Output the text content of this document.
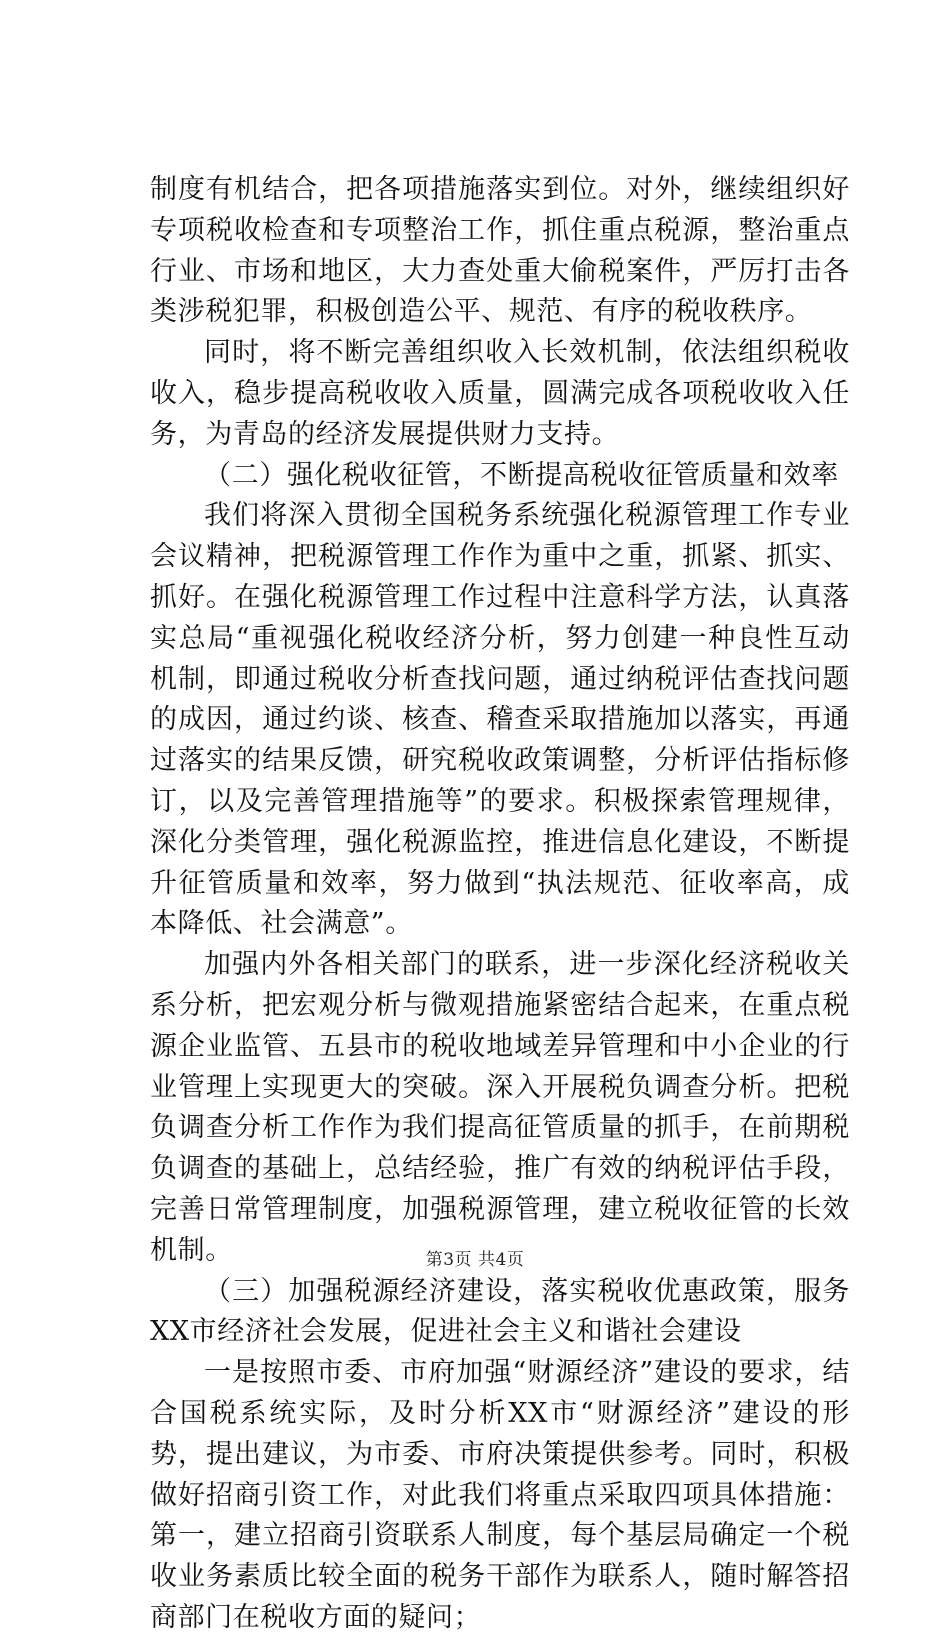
制度有机结合，把各项措施落实到位。对外，继续组织好专项税收检查和专项整治工作，抓住重点税源，整治重点行业、市场和地区，大力查处重大偷税案件，严厉打击各类涉税犯罪，积极创造公平、规范、有序的税收秩序。

同时，将不断完善组织收入长效机制，依法组织税收收入，稳步提高税收收入质量，圆满完成各项税收收入任务，为青岛的经济发展提供财力支持。

（二）强化税收征管，不断提高税收征管质量和效率

我们将深入贯彻全国税务系统强化税源管理工作专业会议精神，把税源管理工作作为重中之重，抓紧、抓实、抓好。在强化税源管理工作过程中注意科学方法，认真落实总局“重视强化税收经济分析，努力创建一种良性互动机制，即通过税收分析查找问题，通过纳税评估查找问题的成因，通过约谈、核查、稽查采取措施加以落实，再通过落实的结果反馈，研究税收政策调整，分析评估指标修订，以及完善管理措施等”的要求。积极探索管理规律，深化分类管理，强化税源监控，推进信息化建设，不断提升征管质量和效率，努力做到“执法规范、征收率高，成本降低、社会满意”。

加强内外各相关部门的联系，进一步深化经济税收关系分析，把宏观分析与微观措施紧密结合起来，在重点税源企业监管、五县市的税收地域差异管理和中小企业的行业管理上实现更大的突破。深入开展税负调查分析。把税负调查分析工作作为我们提高征管质量的抓手，在前期税负调查的基础上，总结经验，推广有效的纳税评估手段，完善日常管理制度，加强税源管理，建立税收征管的长效机制。

（三）加强税源经济建设，落实税收优惠政策，服务XX市经济社会发展，促进社会主义和谐社会建设

一是按照市委、市府加强“财源经济”建设的要求，结合国税系统实际，及时分析XX市“财源经济”建设的形势，提出建议，为市委、市府决策提供参考。同时，积极做好招商引资工作，对此我们将重点采取四项具体措施：第一，建立招商引资联系人制度，每个基层局确定一个税收业务素质比较全面的税务干部作为联系人，随时解答招商部门在税收方面的疑问；

第3页 共4页
